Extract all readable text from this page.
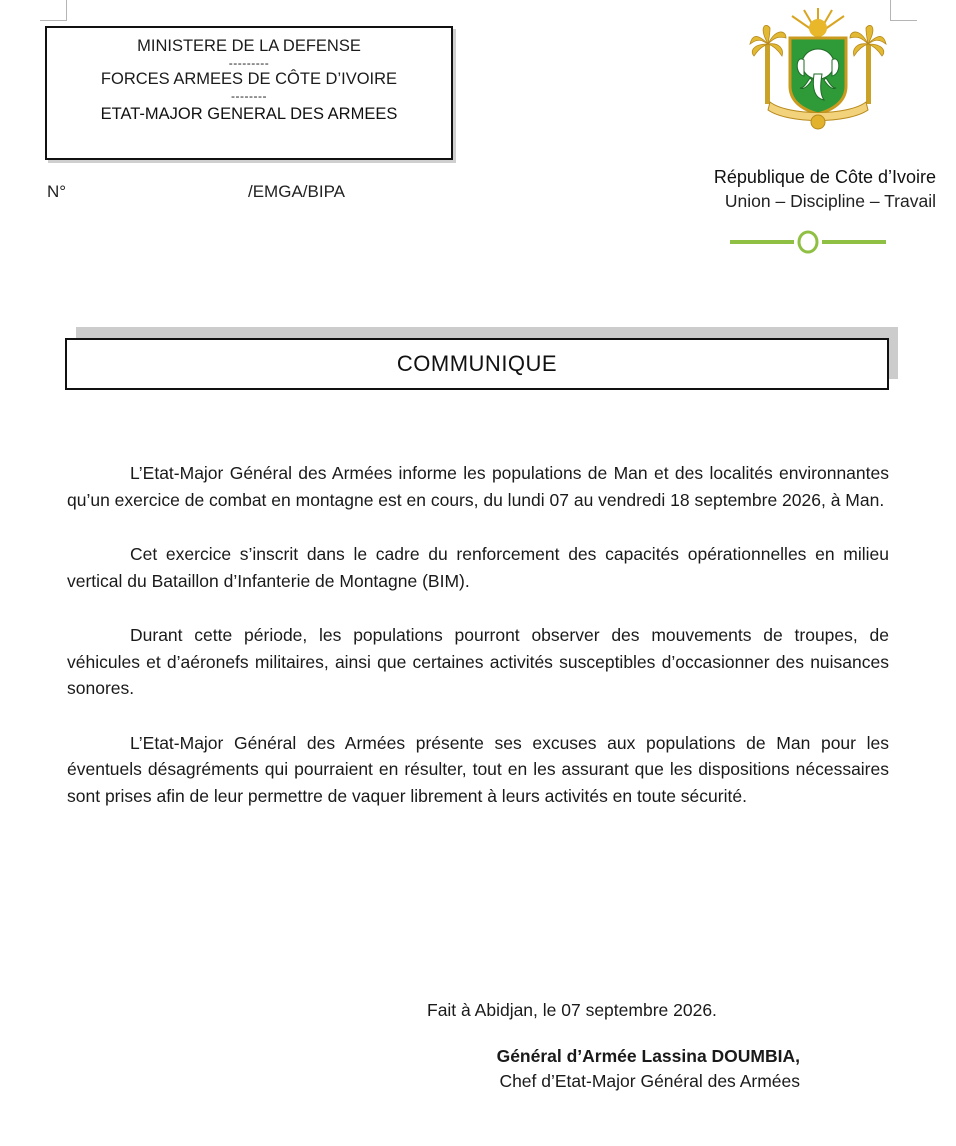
MINISTERE DE LA DEFENSE
---------
FORCES ARMEES DE CÔTE D’IVOIRE
--------
ETAT-MAJOR GENERAL DES ARMEES
N°	/EMGA/BIPA
République de Côte d’Ivoire
Union – Discipline – Travail
COMMUNIQUE

L’Etat-Major Général des Armées informe les populations de Man et des localités environnantes qu’un exercice de combat en montagne est en cours, du lundi 07 au vendredi 18 septembre 2026, à Man.

Cet exercice s’inscrit dans le cadre du renforcement des capacités opérationnelles en milieu vertical du Bataillon d’Infanterie de Montagne (BIM).

Durant cette période, les populations pourront observer des mouvements de troupes, de véhicules et d’aéronefs militaires, ainsi que certaines activités susceptibles d’occasionner des nuisances sonores.

L’Etat-Major Général des Armées présente ses excuses aux populations de Man pour les éventuels désagréments qui pourraient en résulter, tout en les assurant que les dispositions nécessaires sont prises afin de leur permettre de vaquer librement à leurs activités en toute sécurité.

Fait à Abidjan, le 07 septembre 2026.
Général d’Armée Lassina DOUMBIA,
Chef d’Etat-Major Général des Armées
